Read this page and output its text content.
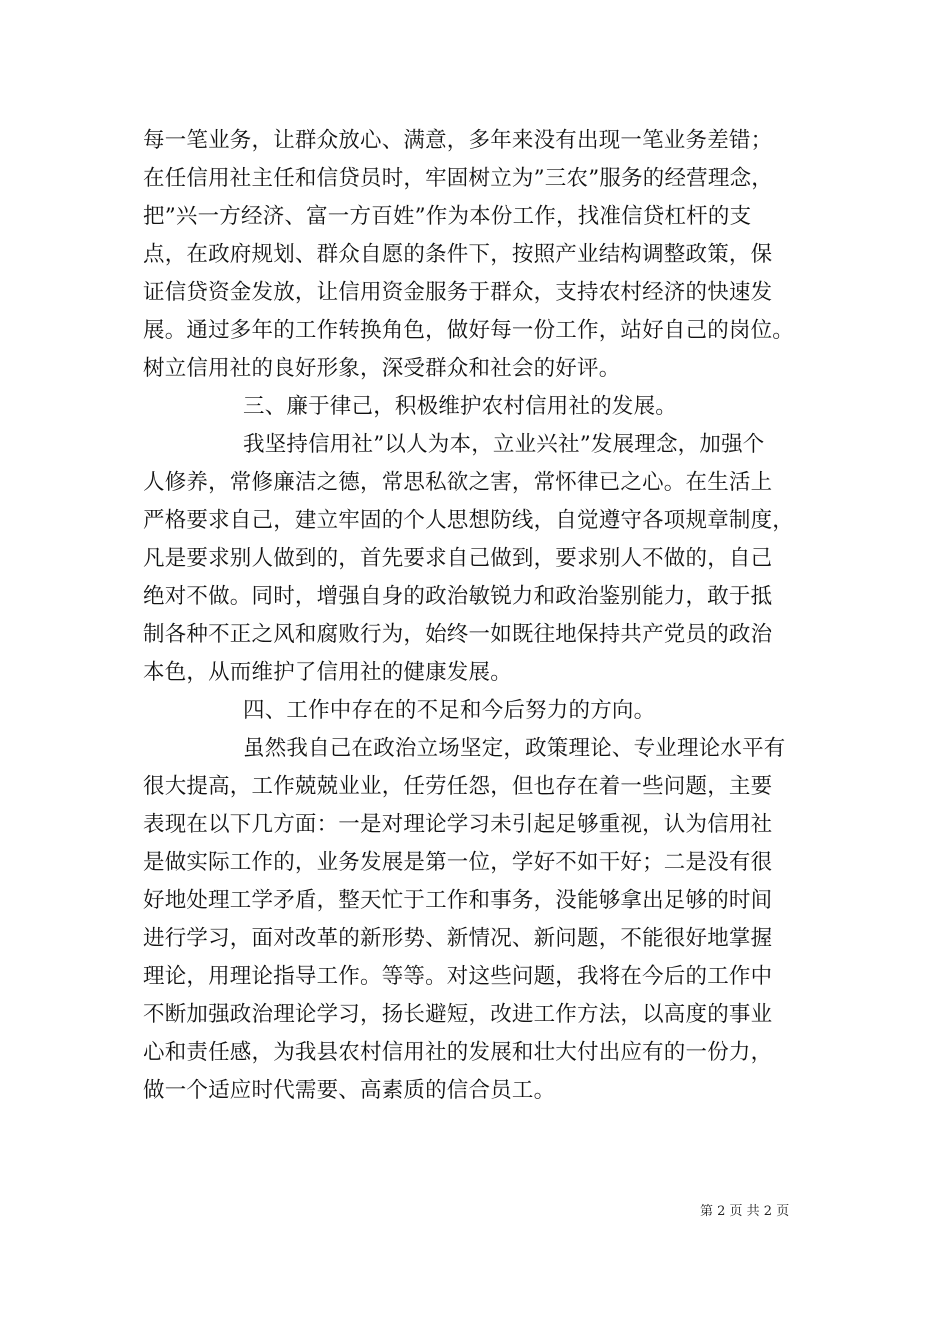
每一笔业务，让群众放心、满意，多年来没有出现一笔业务差错；
在任信用社主任和信贷员时，牢固树立为”三农”服务的经营理念，
把”兴一方经济、富一方百姓”作为本份工作，找准信贷杠杆的支
点，在政府规划、群众自愿的条件下，按照产业结构调整政策，保
证信贷资金发放，让信用资金服务于群众，支持农村经济的快速发
展。通过多年的工作转换角色，做好每一份工作，站好自己的岗位。
树立信用社的良好形象，深受群众和社会的好评。
三、廉于律己，积极维护农村信用社的发展。
我坚持信用社”以人为本，立业兴社”发展理念，加强个
人修养，常修廉洁之德，常思私欲之害，常怀律已之心。在生活上
严格要求自己，建立牢固的个人思想防线，自觉遵守各项规章制度，
凡是要求别人做到的，首先要求自己做到，要求别人不做的，自己
绝对不做。同时，增强自身的政治敏锐力和政治鉴别能力，敢于抵
制各种不正之风和腐败行为，始终一如既往地保持共产党员的政治
本色，从而维护了信用社的健康发展。
四、工作中存在的不足和今后努力的方向。
虽然我自己在政治立场坚定，政策理论、专业理论水平有
很大提高，工作兢兢业业，任劳任怨，但也存在着一些问题，主要
表现在以下几方面：一是对理论学习未引起足够重视，认为信用社
是做实际工作的，业务发展是第一位，学好不如干好；二是没有很
好地处理工学矛盾，整天忙于工作和事务，没能够拿出足够的时间
进行学习，面对改革的新形势、新情况、新问题，不能很好地掌握
理论，用理论指导工作。等等。对这些问题，我将在今后的工作中
不断加强政治理论学习，扬长避短，改进工作方法，以高度的事业
心和责任感，为我县农村信用社的发展和壮大付出应有的一份力，
做一个适应时代需要、高素质的信合员工。
第 2 页 共 2 页
